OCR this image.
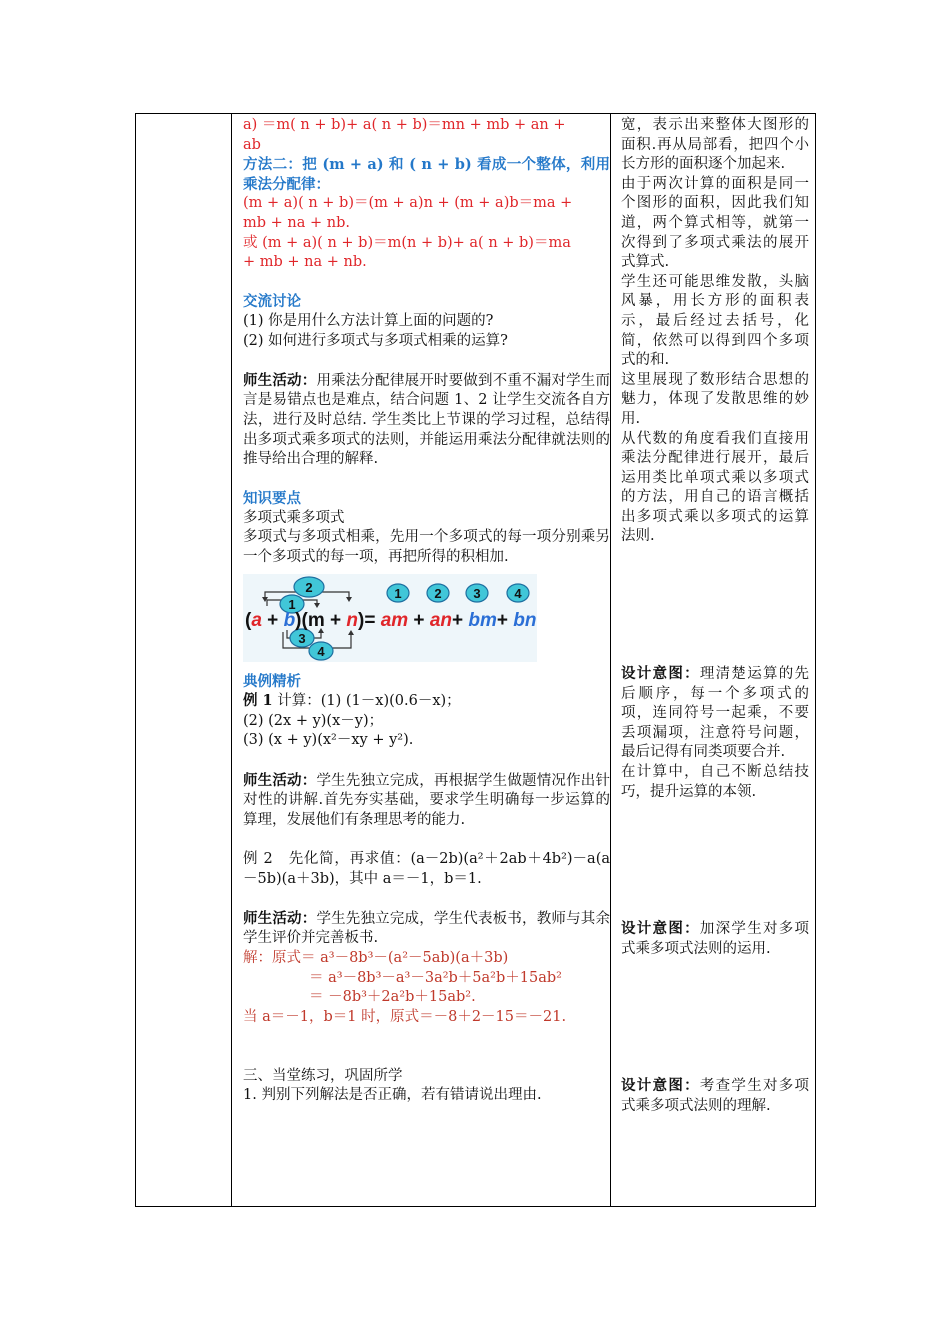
a) ＝m( n + b)+ a( n + b)＝mn + mb + an +

ab

方法二：把 (m + a) 和 ( n + b) 看成一个整体，利用乘法分配律：

(m + a)( n + b)＝(m + a)n + (m + a)b＝ma +

mb + na + nb.

或 (m + a)( n + b)＝m(n + b)+ a( n + b)＝ma

+ mb + na + nb.

交流讨论

(1) 你是用什么方法计算上面的问题的?

(2) 如何进行多项式与多项式相乘的运算?

师生活动：用乘法分配律展开时要做到不重不漏对学生而言是易错点也是难点，结合问题 1、2 让学生交流各自方法，进行及时总结. 学生类比上节课的学习过程，总结得出多项式乘多项式的法则，并能运用乘法分配律就法则的推导给出合理的解释.

知识要点

多项式乘多项式

多项式与多项式相乘，先用一个多项式的每一项分别乘另一个多项式的每一项，再把所得的积相加.

2
1
3
4
1	2 3	4
(a + b)(m + n)= am + an+ bm+ bn

典例精析

例 1 计算：(1) (1－x)(0.6－x)；

(2) (2x + y)(x－y)；

(3) (x + y)(x²－xy + y²).

师生活动：学生先独立完成，再根据学生做题情况作出针对性的讲解.首先夯实基础，要求学生明确每一步运算的算理，发展他们有条理思考的能力.

例 2　先化简，再求值：(a－2b)(a²＋2ab＋4b²)－a(a－5b)(a＋3b)，其中 a＝－1，b＝1.

师生活动：学生先独立完成，学生代表板书，教师与其余学生评价并完善板书.

解：原式＝ a³－8b³－(a²－5ab)(a＋3b)

＝ a³－8b³－a³－3a²b＋5a²b＋15ab²

＝ －8b³＋2a²b＋15ab².

当 a＝－1，b＝1 时，原式＝－8＋2－15＝－21.

三、当堂练习，巩固所学

1. 判别下列解法是否正确，若有错请说出理由.

宽，表示出来整体大图形的面积.再从局部看，把四个小长方形的面积逐个加起来.

由于两次计算的面积是同一个图形的面积，因此我们知道，两个算式相等，就第一次得到了多项式乘法的展开式算式.

学生还可能思维发散，头脑风暴，用长方形的面积表示，最后经过去括号，化简，依然可以得到四个多项式的和.

这里展现了数形结合思想的魅力，体现了发散思维的妙用.

从代数的角度看我们直接用乘法分配律进行展开，最后运用类比单项式乘以多项式的方法，用自己的语言概括出多项式乘以多项式的运算法则.

设计意图：理清楚运算的先后顺序，每一个多项式的项，连同符号一起乘，不要丢项漏项，注意符号问题，最后记得有同类项要合并.

在计算中，自己不断总结技巧，提升运算的本领.

设计意图：加深学生对多项式乘多项式法则的运用.

设计意图：考查学生对多项式乘多项式法则的理解.
